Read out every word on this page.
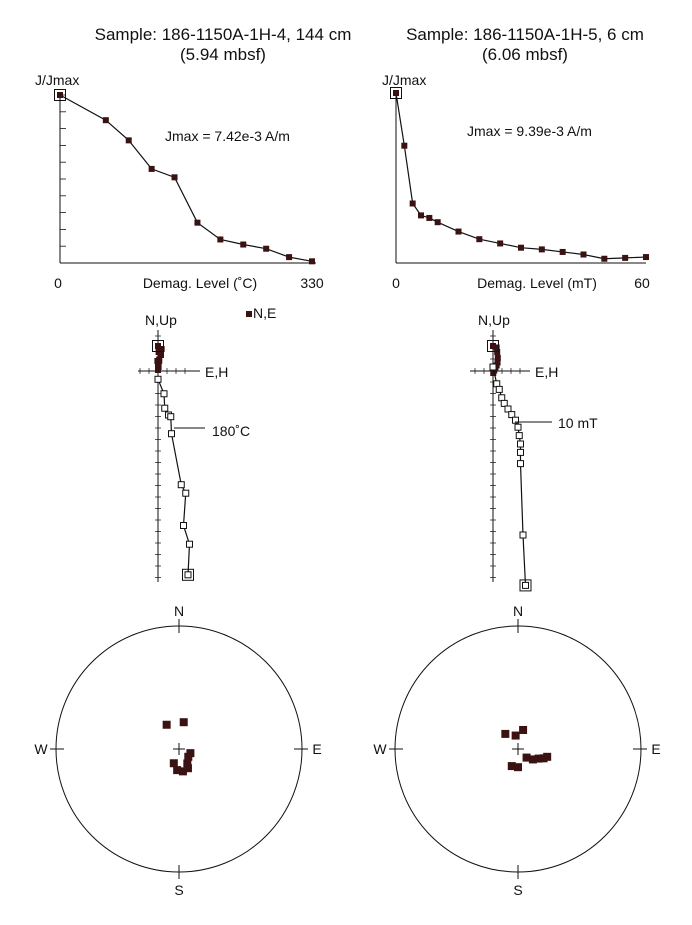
Sample: 186-1150A-1H-4, 144 cm
(5.94 mbsf)
Sample: 186-1150A-1H-5, 6 cm
(6.06 mbsf)
J/Jmax
0	330
Demag. Level (˚C)
Jmax = 7.42e-3 A/m
J/Jmax
0	60
Demag. Level (mT)
Jmax = 9.39e-3 A/m
N,Up
E,H
N,E
180˚C
N,Up
E,H
10 mT
N
S
W	E
N
S
W	E
